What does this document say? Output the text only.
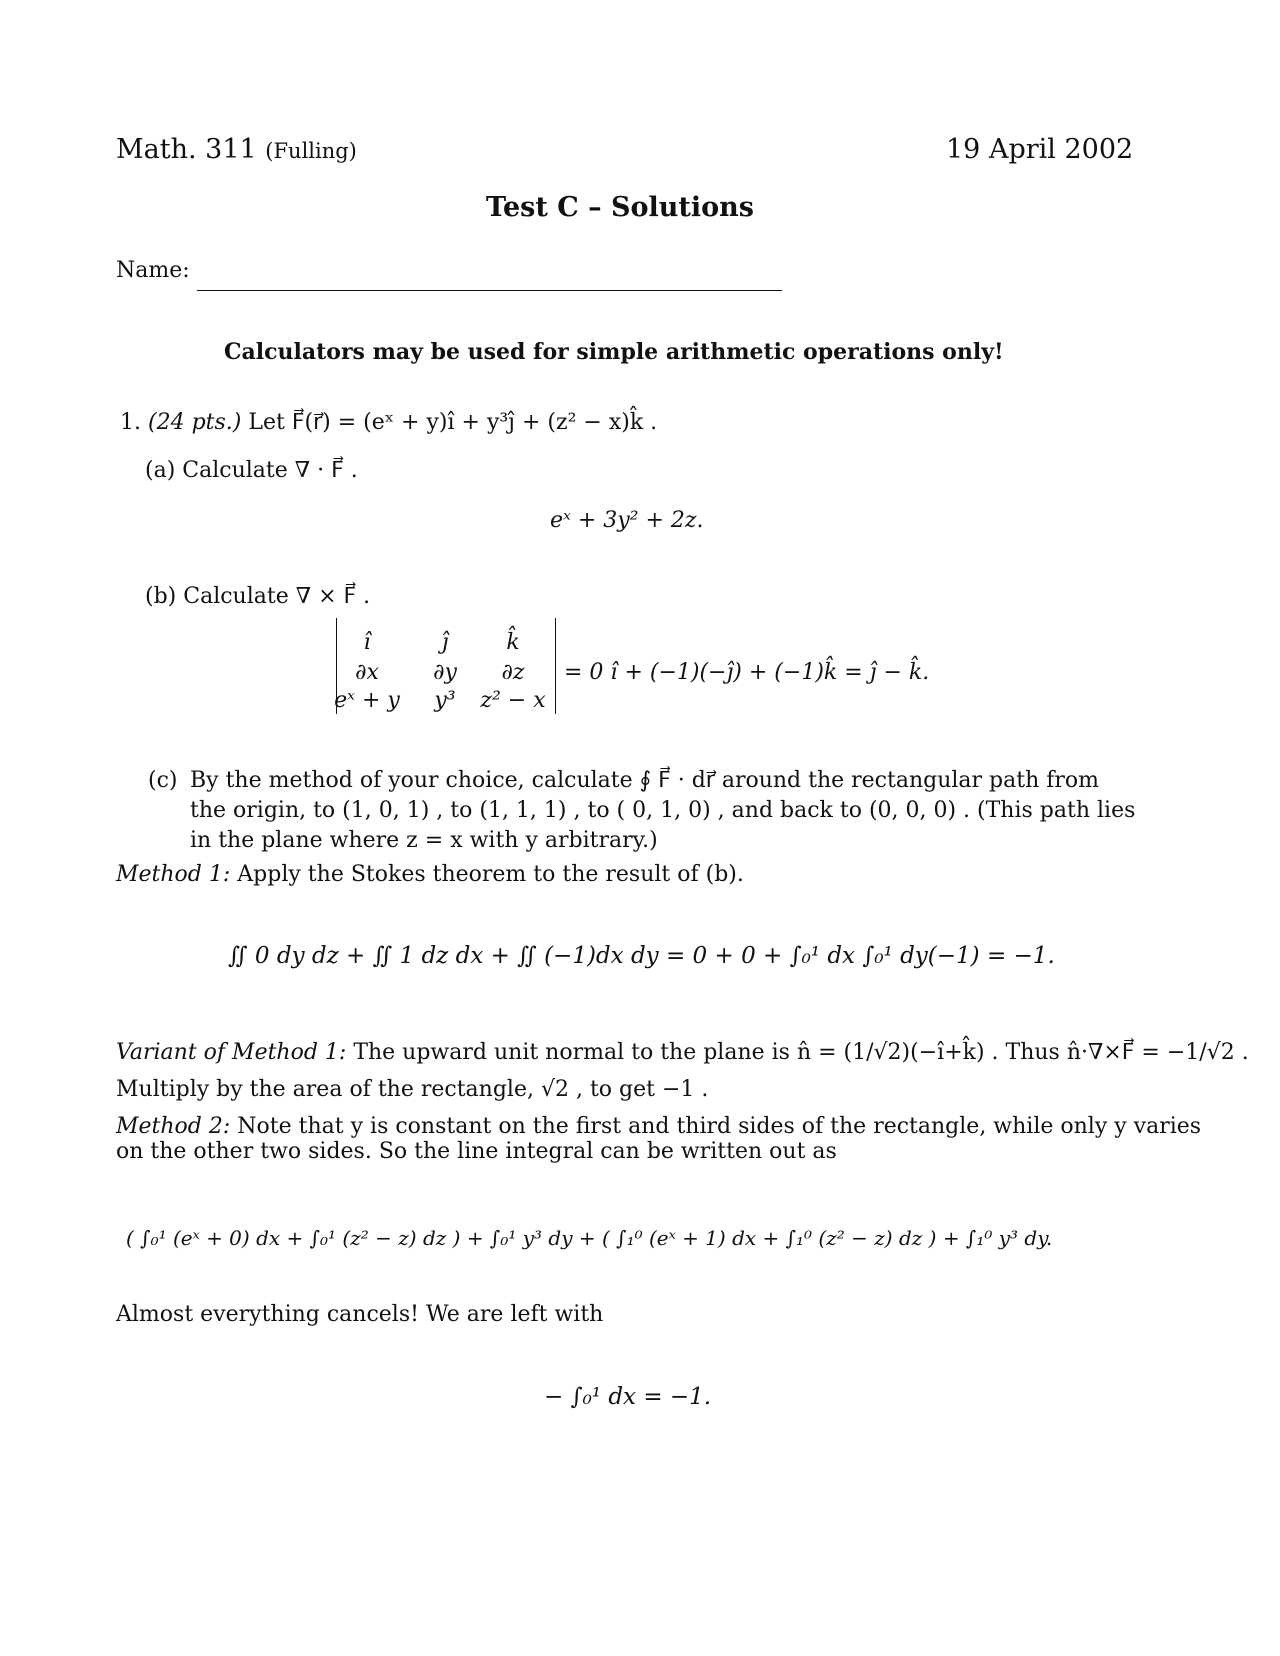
Math. 311 (Fulling)	19 April 2002
Test C – Solutions
Name:
Calculators may be used for simple arithmetic operations only!
1. (24 pts.) Let F⃗(r⃗) = (eˣ + y)î + y³ĵ + (z² − x)k̂ .
(a) Calculate ∇ · F⃗ .
eˣ + 3y² + 2z.
(b) Calculate ∇ × F⃗ .
î	ĵ	k̂
∂x	∂y	∂z
eˣ + y	y³	z² − x
= 0 î + (−1)(−ĵ) + (−1)k̂ = ĵ − k̂.
(c) By the method of your choice, calculate ∮ F⃗ · dr⃗ around the rectangular path from
the origin, to (1, 0, 1) , to (1, 1, 1) , to ( 0, 1, 0) , and back to (0, 0, 0) . (This path lies
in the plane where z = x with y arbitrary.)
Method 1: Apply the Stokes theorem to the result of (b).
∬ 0 dy dz + ∬ 1 dz dx + ∬ (−1)dx dy = 0 + 0 + ∫₀¹ dx ∫₀¹ dy(−1) = −1.
Variant of Method 1: The upward unit normal to the plane is n̂ = (1/√2)(−î+k̂) . Thus n̂·∇×F⃗ = −1/√2 .
Multiply by the area of the rectangle, √2 , to get −1 .
Method 2: Note that y is constant on the first and third sides of the rectangle, while only y varies
on the other two sides. So the line integral can be written out as
( ∫₀¹ (eˣ + 0) dx + ∫₀¹ (z² − z) dz ) + ∫₀¹ y³ dy + ( ∫₁⁰ (eˣ + 1) dx + ∫₁⁰ (z² − z) dz ) + ∫₁⁰ y³ dy.
Almost everything cancels! We are left with
− ∫₀¹ dx = −1.
